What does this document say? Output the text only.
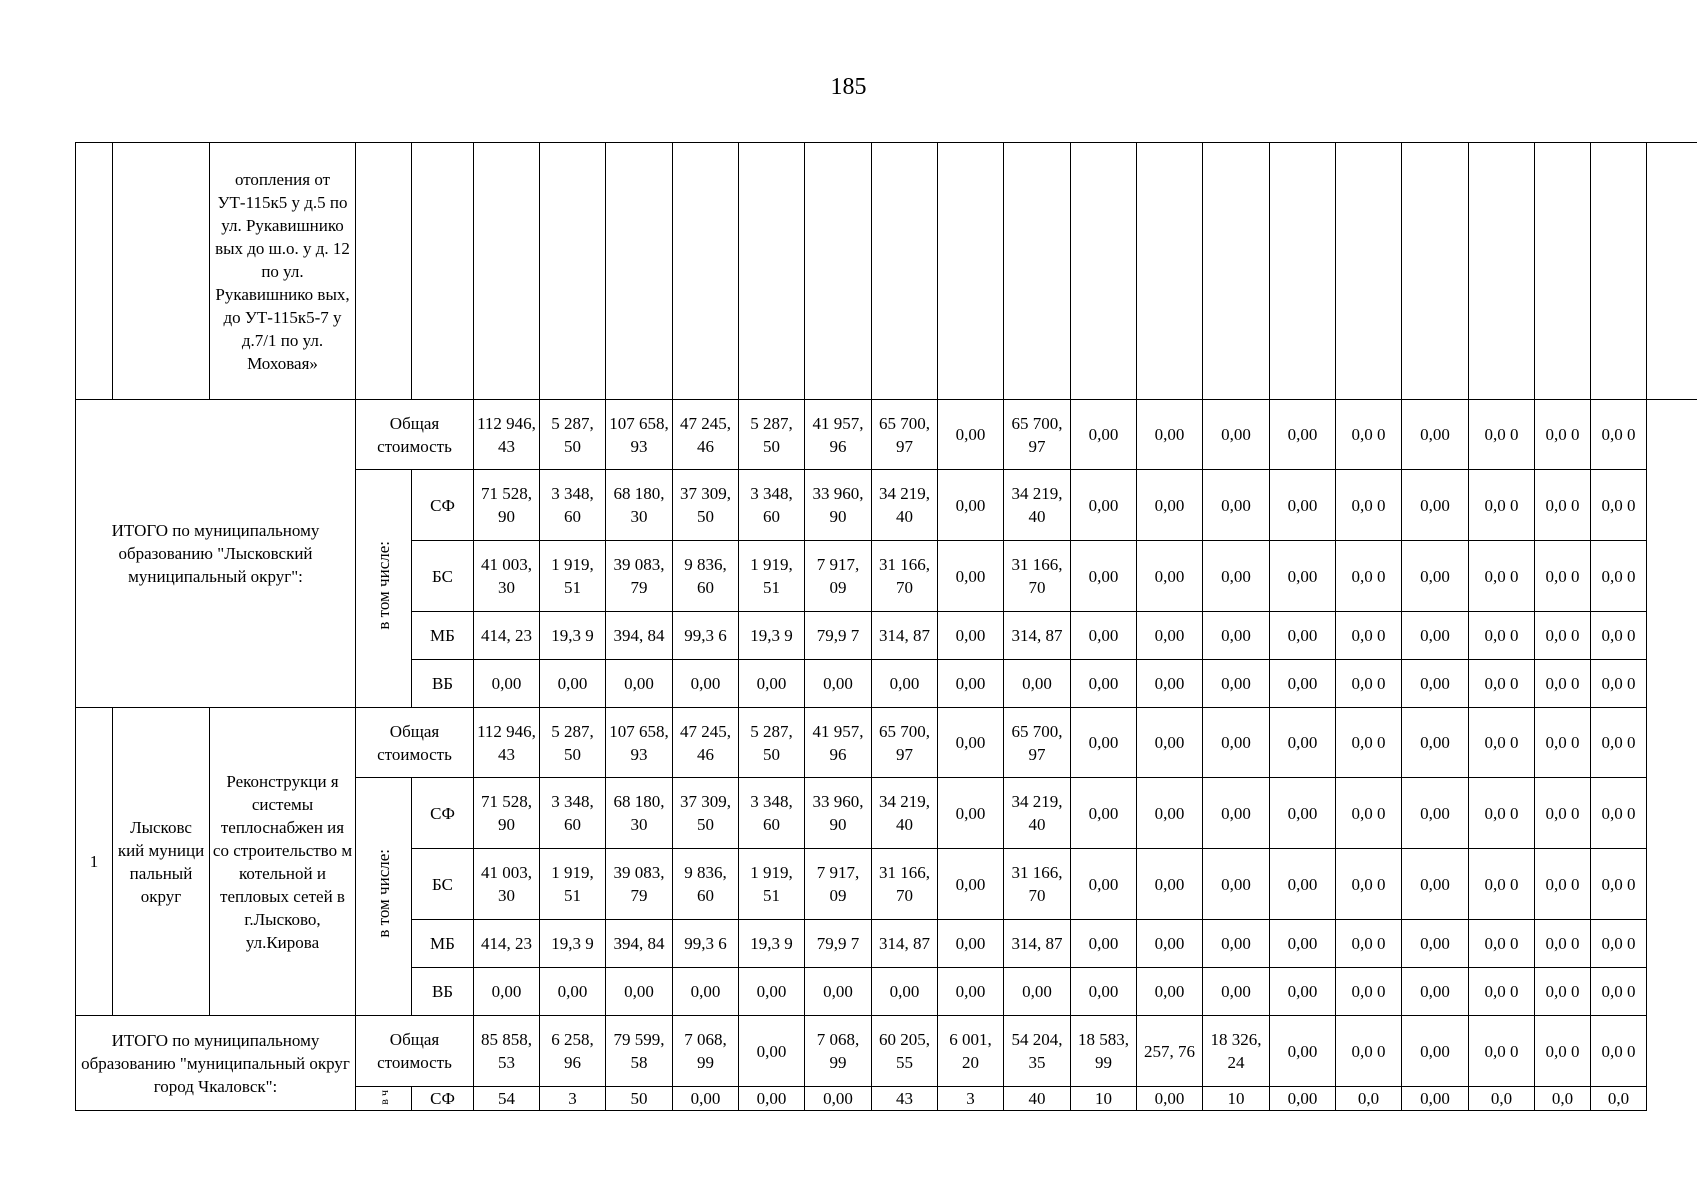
185
		отопления от УТ-115к5 у д.5 по ул. Рукавишнико вых до ш.о. у д. 12 по ул. Рукавишнико вых, до УТ-115к5-7 у д.7/1 по ул. Моховая»																					
ИТОГО по муниципальному образованию "Лысковский муниципальный округ":			Общая стоимость		112 946, 43	5 287, 50	107 658, 93	47 245, 46	5 287, 50	41 957, 96	65 700, 97	0,00	65 700, 97	0,00	0,00	0,00	0,00	0,0 0	0,00	0,0 0	0,0 0	0,0 0	
			в том числе:	СФ	71 528, 90	3 348, 60	68 180, 30	37 309, 50	3 348, 60	33 960, 90	34 219, 40	0,00	34 219, 40	0,00	0,00	0,00	0,00	0,0 0	0,00	0,0 0	0,0 0	0,0 0	
				БС	41 003, 30	1 919, 51	39 083, 79	9 836, 60	1 919, 51	7 917, 09	31 166, 70	0,00	31 166, 70	0,00	0,00	0,00	0,00	0,0 0	0,00	0,0 0	0,0 0	0,0 0	
				МБ	414, 23	19,3 9	394, 84	99,3 6	19,3 9	79,9 7	314, 87	0,00	314, 87	0,00	0,00	0,00	0,00	0,0 0	0,00	0,0 0	0,0 0	0,0 0	
				ВБ	0,00	0,00	0,00	0,00	0,00	0,00	0,00	0,00	0,00	0,00	0,00	0,00	0,00	0,0 0	0,00	0,0 0	0,0 0	0,0 0	
1	Лысковс кий муници пальный округ	Реконструкци я системы теплоснабжен ия со строительство м котельной и тепловых сетей в г.Лысково, ул.Кирова	Общая стоимость		112 946, 43	5 287, 50	107 658, 93	47 245, 46	5 287, 50	41 957, 96	65 700, 97	0,00	65 700, 97	0,00	0,00	0,00	0,00	0,0 0	0,00	0,0 0	0,0 0	0,0 0	
			в том числе:	СФ	71 528, 90	3 348, 60	68 180, 30	37 309, 50	3 348, 60	33 960, 90	34 219, 40	0,00	34 219, 40	0,00	0,00	0,00	0,00	0,0 0	0,00	0,0 0	0,0 0	0,0 0	
				БС	41 003, 30	1 919, 51	39 083, 79	9 836, 60	1 919, 51	7 917, 09	31 166, 70	0,00	31 166, 70	0,00	0,00	0,00	0,00	0,0 0	0,00	0,0 0	0,0 0	0,0 0	
				МБ	414, 23	19,3 9	394, 84	99,3 6	19,3 9	79,9 7	314, 87	0,00	314, 87	0,00	0,00	0,00	0,00	0,0 0	0,00	0,0 0	0,0 0	0,0 0	
				ВБ	0,00	0,00	0,00	0,00	0,00	0,00	0,00	0,00	0,00	0,00	0,00	0,00	0,00	0,0 0	0,00	0,0 0	0,0 0	0,0 0	
ИТОГО по муниципальному образованию "муниципальный округ город Чкаловск":			Общая стоимость		85 858, 53	6 258, 96	79 599, 58	7 068, 99	0,00	7 068, 99	60 205, 55	6 001, 20	54 204, 35	18 583, 99	257, 76	18 326, 24	0,00	0,0 0	0,00	0,0 0	0,0 0	0,0 0	
			в ч	СФ	54	3	50	0,00	0,00	0,00	43	3	40	10	0,00	10	0,00	0,0	0,00	0,0	0,0	0,0	
